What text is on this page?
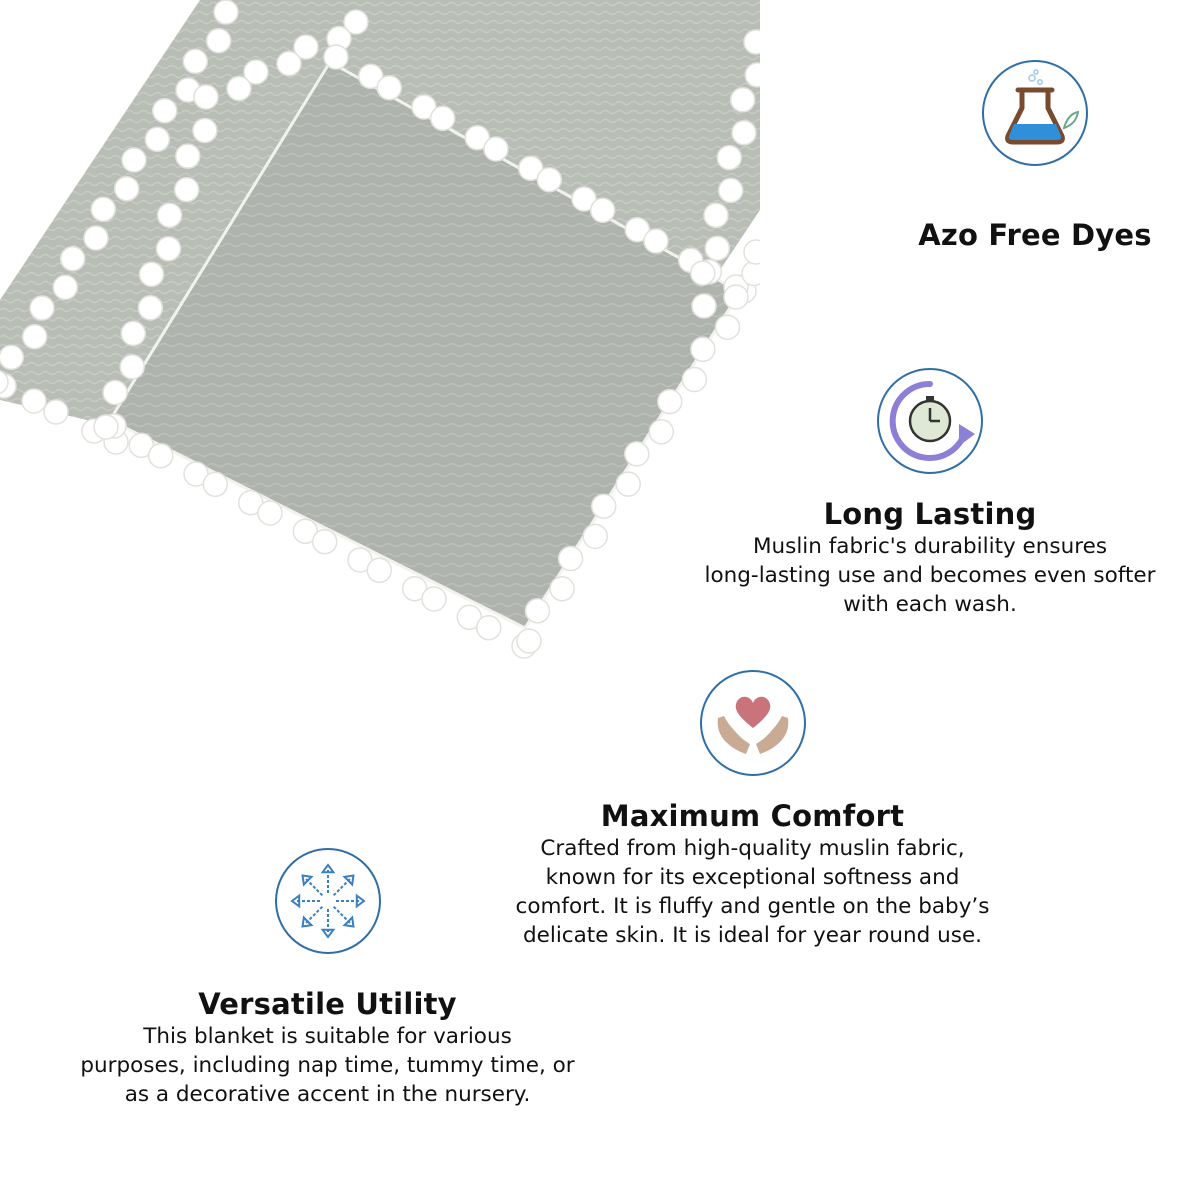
Azo Free Dyes
Long Lasting
Muslin fabric's durability ensures
long-lasting use and becomes even softer
with each wash.
Maximum Comfort
Crafted from high-quality muslin fabric,
known for its exceptional softness and
comfort. It is fluffy and gentle on the baby’s
delicate skin. It is ideal for year round use.
Versatile Utility
This blanket is suitable for various
purposes, including nap time, tummy time, or
as a decorative accent in the nursery.
